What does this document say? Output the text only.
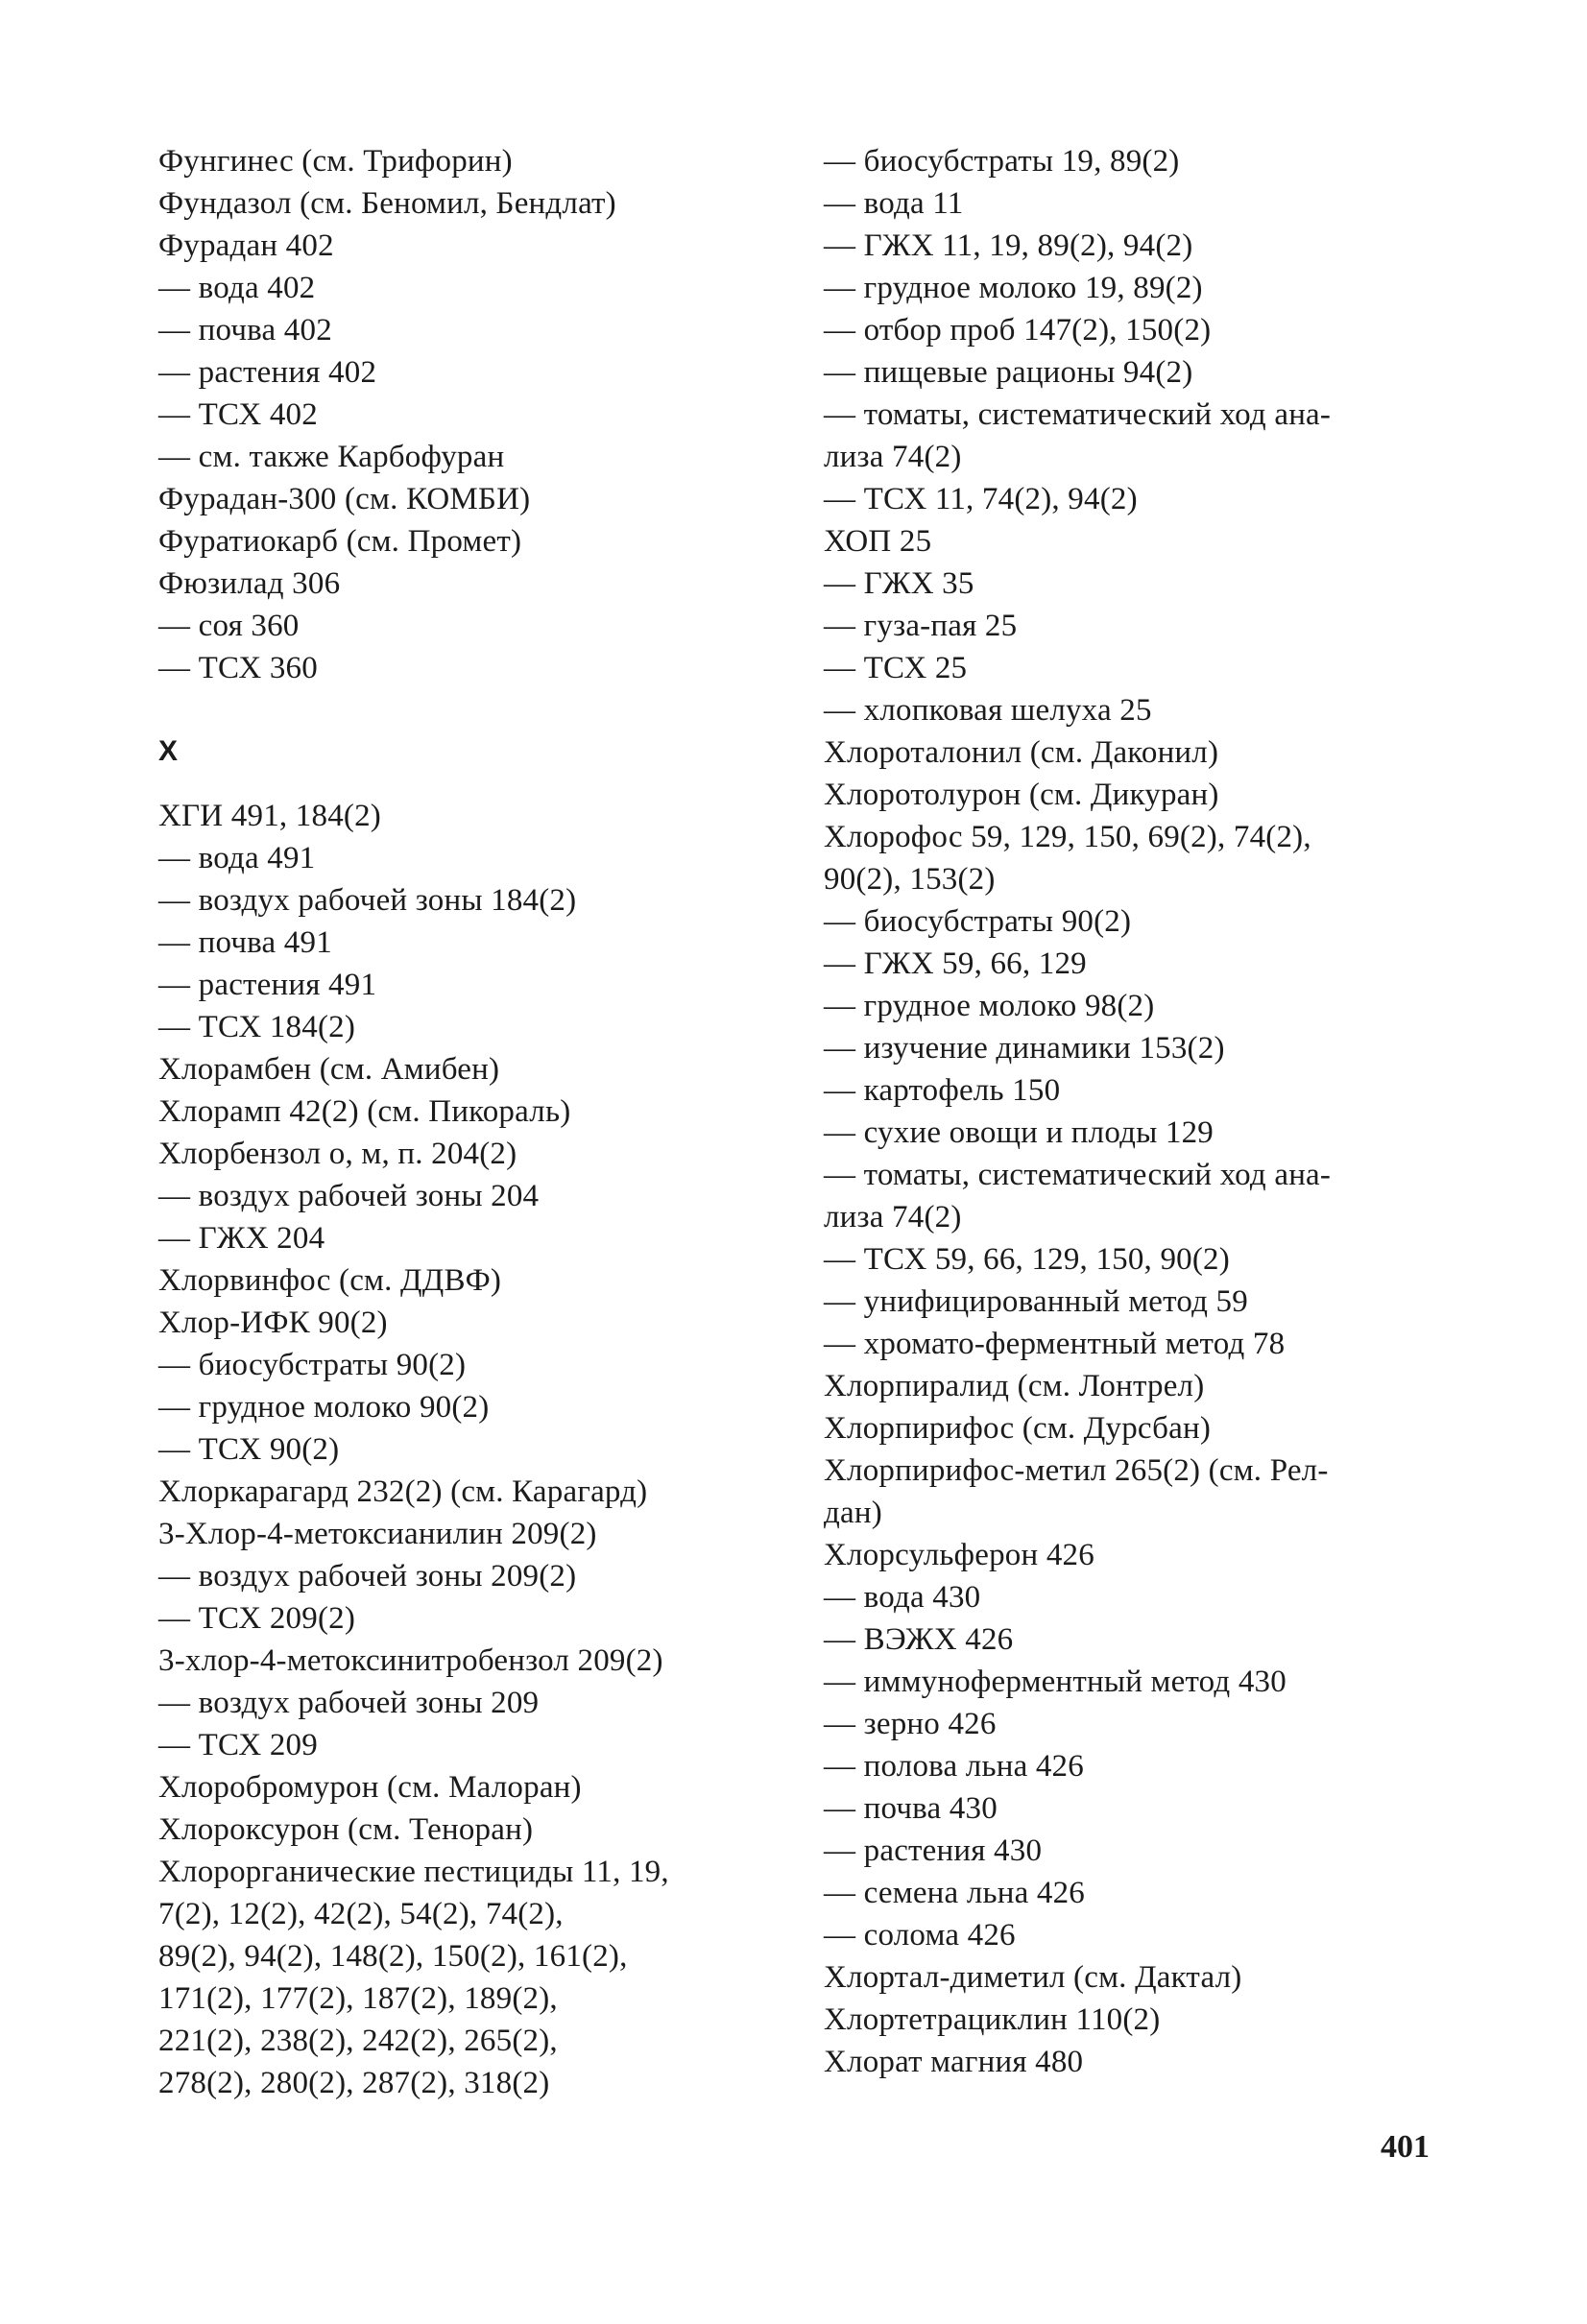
Фунгинес (см. Трифорин)
Фундазол (см. Беномил, Бендлат)
Фурадан 402
— вода 402
— почва 402
— растения 402
— ТСХ 402
— см. также Карбофуран
Фурадан-300 (см. КОМБИ)
Фуратиокарб (см. Промет)
Фюзилад 306
— соя 360
— ТСХ 360
Х
ХГИ 491, 184(2)
— вода 491
— воздух рабочей зоны 184(2)
— почва 491
— растения 491
— ТСХ 184(2)
Хлорамбен (см. Амибен)
Хлорамп 42(2) (см. Пикораль)
Хлорбензол о, м, п. 204(2)
— воздух рабочей зоны 204
— ГЖХ 204
Хлорвинфос (см. ДДВФ)
Хлор-ИФК 90(2)
— биосубстраты 90(2)
— грудное молоко 90(2)
— ТСХ 90(2)
Хлоркарагард 232(2) (см. Карагард)
3-Хлор-4-метоксианилин 209(2)
— воздух рабочей зоны 209(2)
— ТСХ 209(2)
3-хлор-4-метоксинитробензол 209(2)
— воздух рабочей зоны 209
— ТСХ 209
Хлоробромурон (см. Малоран)
Хлороксурон (см. Теноран)
Хлорорганические пестициды 11, 19,
7(2), 12(2), 42(2), 54(2), 74(2),
89(2), 94(2), 148(2), 150(2), 161(2),
171(2), 177(2), 187(2), 189(2),
221(2), 238(2), 242(2), 265(2),
278(2), 280(2), 287(2), 318(2)
— биосубстраты 19, 89(2)
— вода 11
— ГЖХ 11, 19, 89(2), 94(2)
— грудное молоко 19, 89(2)
— отбор проб 147(2), 150(2)
— пищевые рационы 94(2)
— томаты, систематический ход ана-
лиза 74(2)
— ТСХ 11, 74(2), 94(2)
ХОП 25
— ГЖХ 35
— гуза-пая 25
— ТСХ 25
— хлопковая шелуха 25
Хлороталонил (см. Даконил)
Хлоротолурон (см. Дикуран)
Хлорофос 59, 129, 150, 69(2), 74(2),
90(2), 153(2)
— биосубстраты 90(2)
— ГЖХ 59, 66, 129
— грудное молоко 98(2)
— изучение динамики 153(2)
— картофель 150
— сухие овощи и плоды 129
— томаты, систематический ход ана-
лиза 74(2)
— ТСХ 59, 66, 129, 150, 90(2)
— унифицированный метод 59
— хромато-ферментный метод 78
Хлорпиралид (см. Лонтрел)
Хлорпирифос (см. Дурсбан)
Хлорпирифос-метил 265(2) (см. Рел-
дан)
Хлорсульферон 426
— вода 430
— ВЭЖХ 426
— иммуноферментный метод 430
— зерно 426
— полова льна 426
— почва 430
— растения 430
— семена льна 426
— солома 426
Хлортал-диметил (см. Дактал)
Хлортетрациклин 110(2)
Хлорат магния 480
401
